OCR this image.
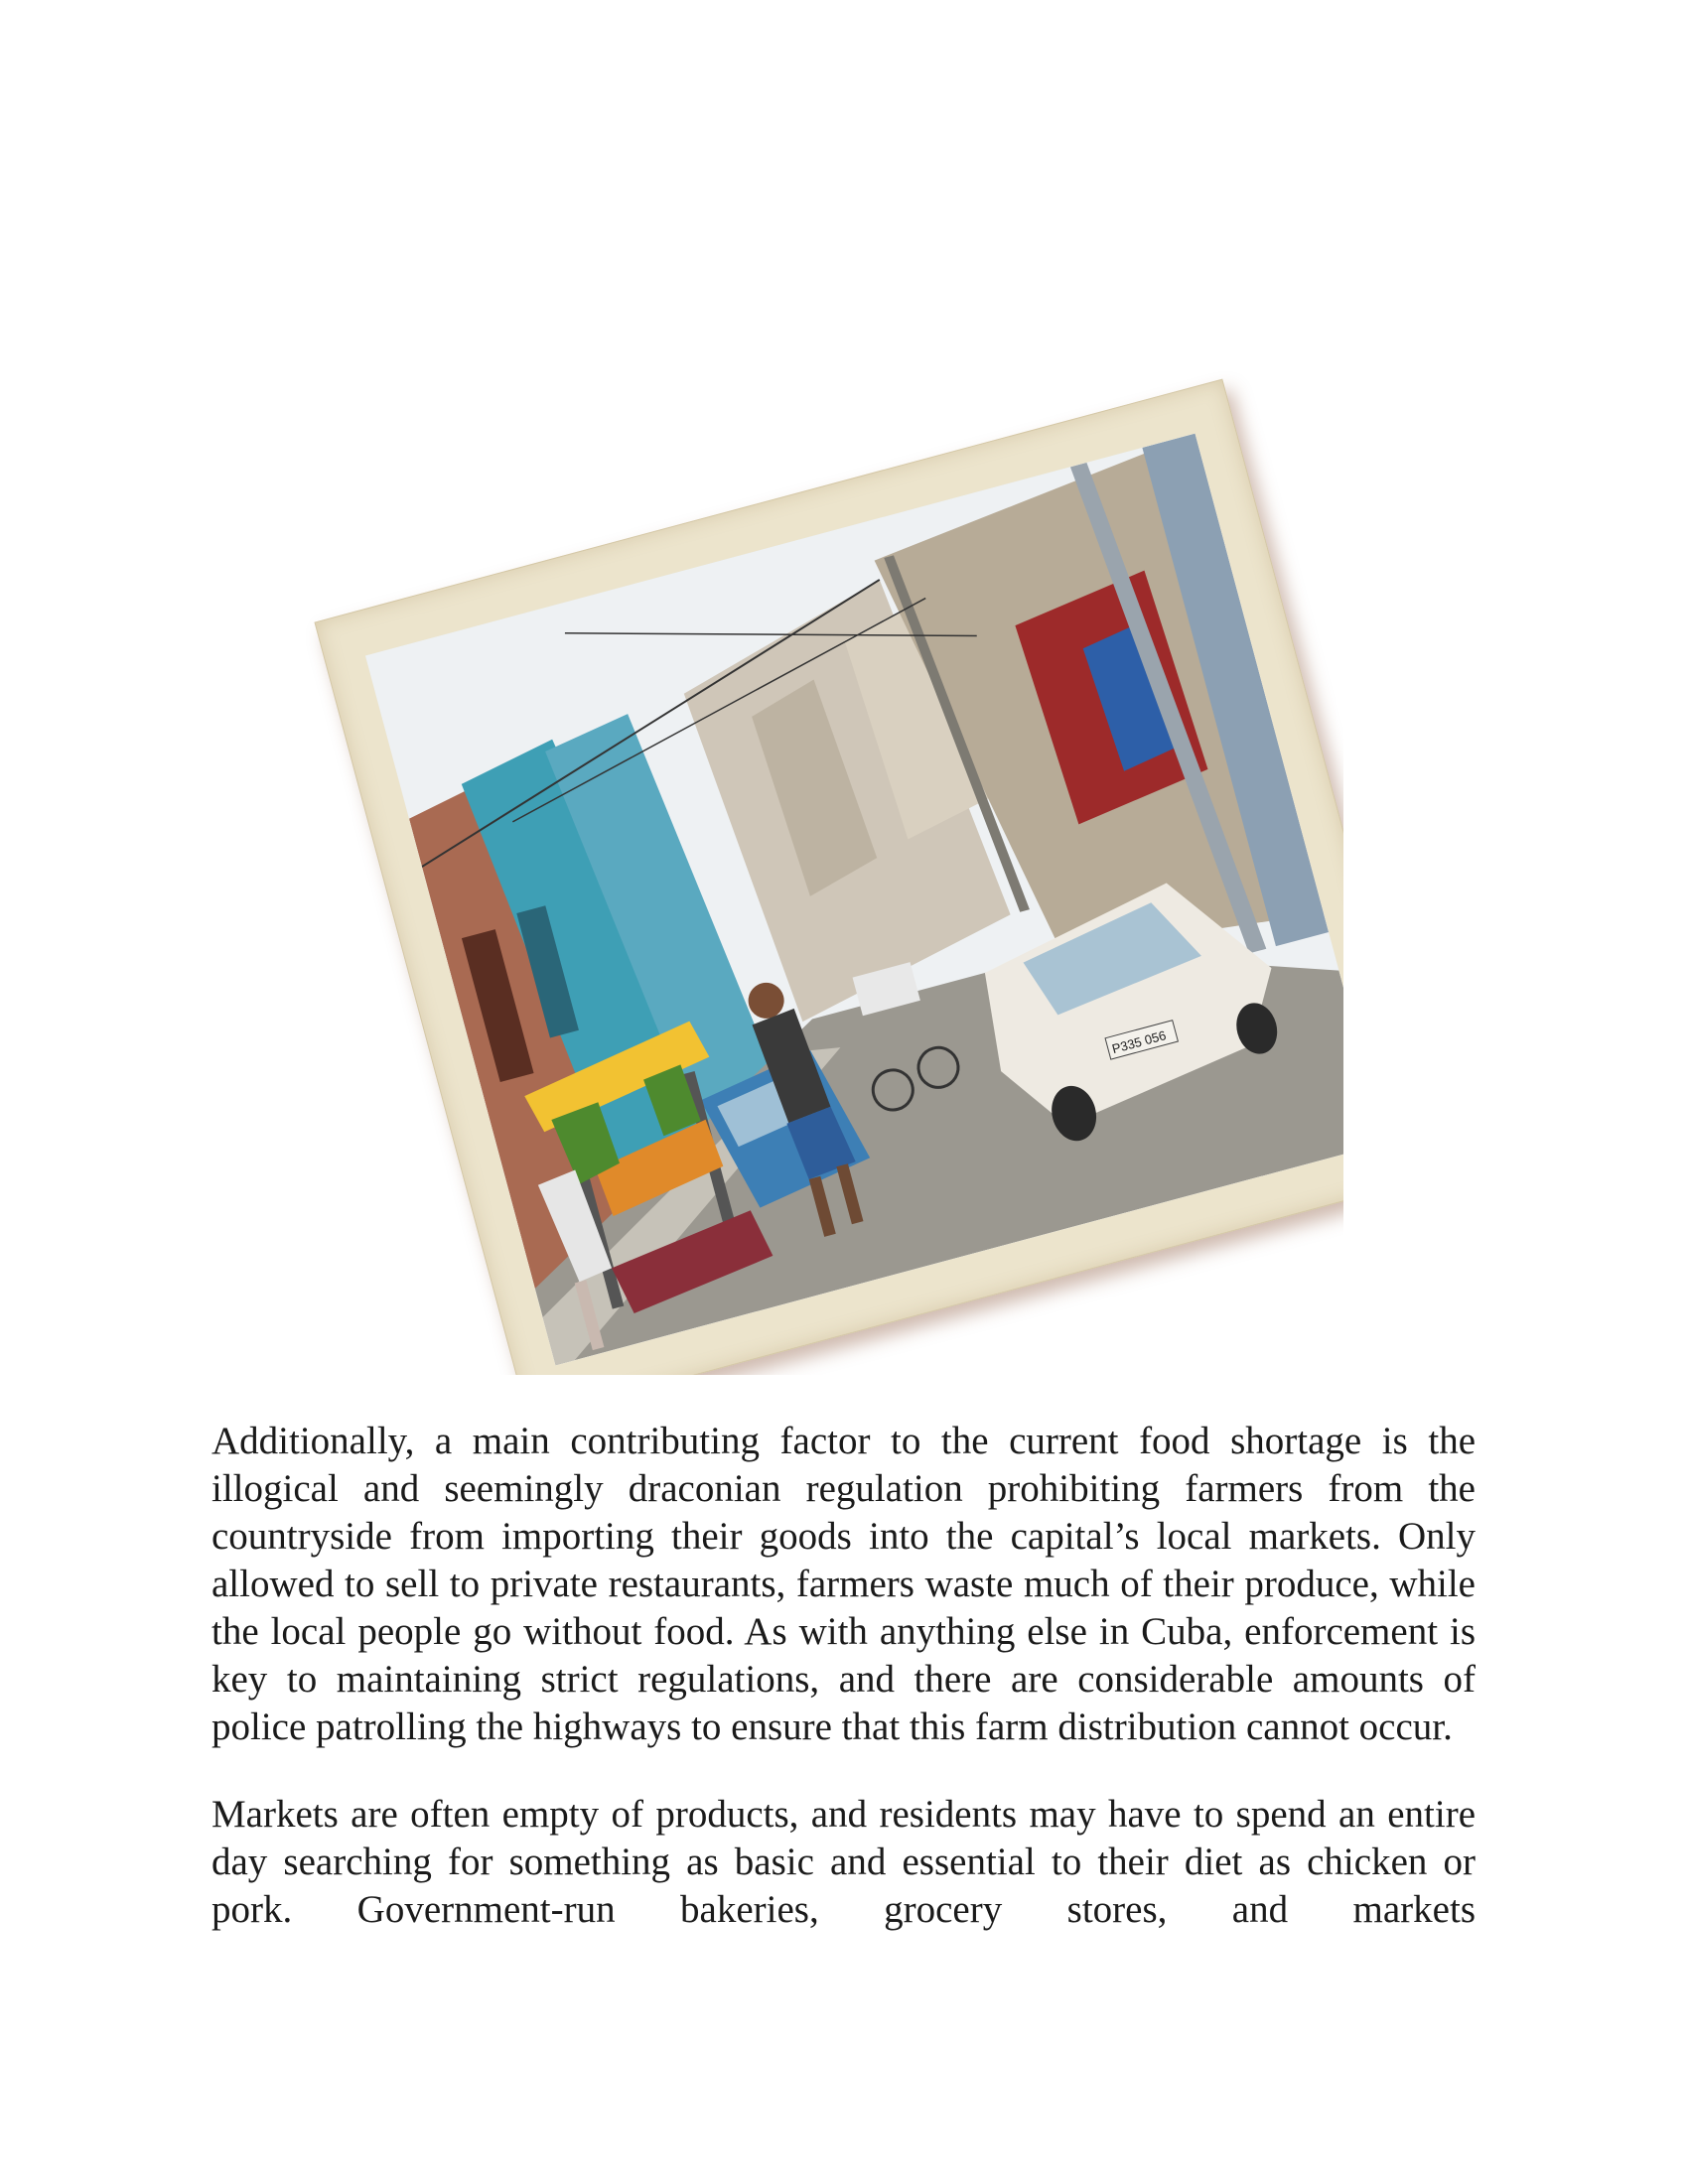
P335 056

Additionally, a main contributing factor to the current food shortage is the illogical and seemingly draconian regulation prohibiting farmers from the countryside from importing their goods into the capital’s local markets. Only allowed to sell to private restaurants, farmers waste much of their produce, while the local people go without food. As with anything else in Cuba, enforcement is key to maintaining strict regulations, and there are considerable amounts of police patrolling the highways to ensure that this farm distribution cannot occur.

Markets are often empty of products, and residents may have to spend an entire day searching for something as basic and essential to their diet as chicken or pork. Government-run bakeries, grocery stores, and markets
